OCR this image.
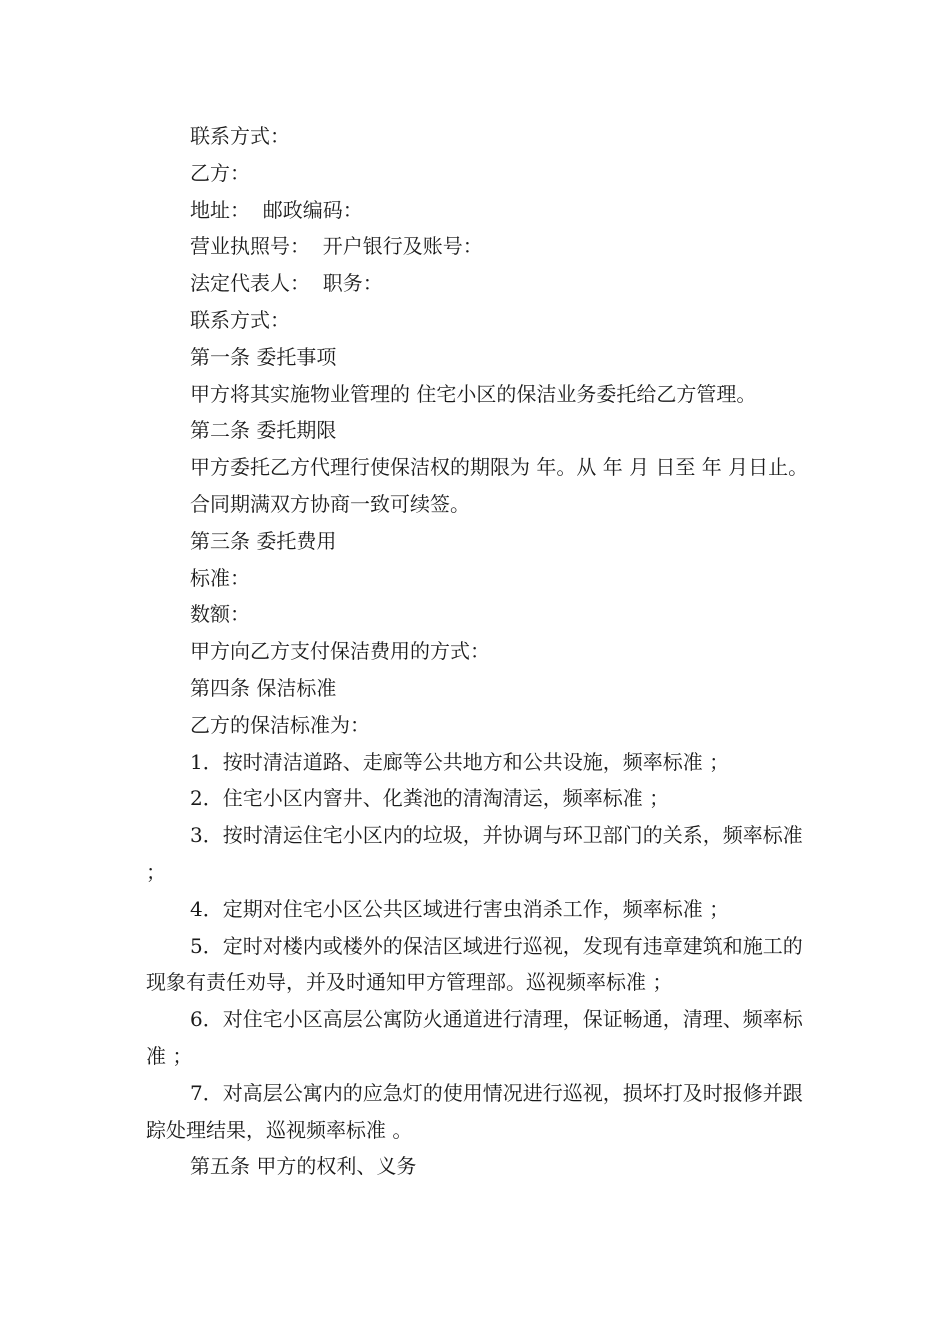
联系方式：

乙方：

地址：  邮政编码：

营业执照号：  开户银行及账号：

法定代表人：  职务：

联系方式：

第一条 委托事项

甲方将其实施物业管理的 住宅小区的保洁业务委托给乙方管理。

第二条 委托期限

甲方委托乙方代理行使保洁权的期限为 年。从 年 月 日至 年 月日止。

合同期满双方协商一致可续签。

第三条 委托费用

标准：

数额：

甲方向乙方支付保洁费用的方式：

第四条 保洁标准

乙方的保洁标准为：

1．按时清洁道路、走廊等公共地方和公共设施，频率标准 ；

2．住宅小区内窨井、化粪池的清淘清运，频率标准 ；

3．按时清运住宅小区内的垃圾，并协调与环卫部门的关系，频率标准 ；

4．定期对住宅小区公共区域进行害虫消杀工作，频率标准 ；

5．定时对楼内或楼外的保洁区域进行巡视，发现有违章建筑和施工的现象有责任劝导，并及时通知甲方管理部。巡视频率标准 ；

6．对住宅小区高层公寓防火通道进行清理，保证畅通，清理、频率标准 ；

7．对高层公寓内的应急灯的使用情况进行巡视，损坏打及时报修并跟踪处理结果，巡视频率标准 。

第五条 甲方的权利、义务
